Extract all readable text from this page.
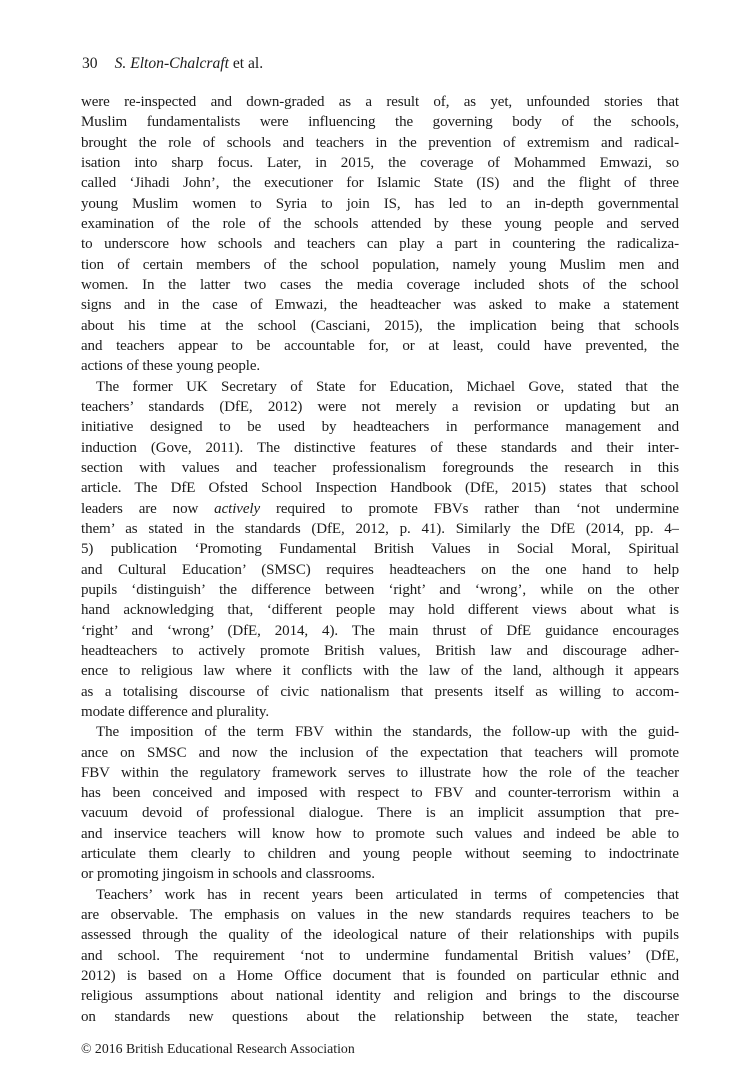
30 S. Elton-Chalcraft et al.
were re-inspected and down-graded as a result of, as yet, unfounded stories that
Muslim fundamentalists were influencing the governing body of the schools,
brought the role of schools and teachers in the prevention of extremism and radical-
isation into sharp focus. Later, in 2015, the coverage of Mohammed Emwazi, so
called ‘Jihadi John’, the executioner for Islamic State (IS) and the flight of three
young Muslim women to Syria to join IS, has led to an in-depth governmental
examination of the role of the schools attended by these young people and served
to underscore how schools and teachers can play a part in countering the radicaliza-
tion of certain members of the school population, namely young Muslim men and
women. In the latter two cases the media coverage included shots of the school
signs and in the case of Emwazi, the headteacher was asked to make a statement
about his time at the school (Casciani, 2015), the implication being that schools
and teachers appear to be accountable for, or at least, could have prevented, the
actions of these young people.
The former UK Secretary of State for Education, Michael Gove, stated that the
teachers’ standards (DfE, 2012) were not merely a revision or updating but an
initiative designed to be used by headteachers in performance management and
induction (Gove, 2011). The distinctive features of these standards and their inter-
section with values and teacher professionalism foregrounds the research in this
article. The DfE Ofsted School Inspection Handbook (DfE, 2015) states that school
leaders are now actively required to promote FBVs rather than ‘not undermine
them’ as stated in the standards (DfE, 2012, p. 41). Similarly the DfE (2014, pp. 4–
5) publication ‘Promoting Fundamental British Values in Social Moral, Spiritual
and Cultural Education’ (SMSC) requires headteachers on the one hand to help
pupils ‘distinguish’ the difference between ‘right’ and ‘wrong’, while on the other
hand acknowledging that, ‘different people may hold different views about what is
‘right’ and ‘wrong’ (DfE, 2014, 4). The main thrust of DfE guidance encourages
headteachers to actively promote British values, British law and discourage adher-
ence to religious law where it conflicts with the law of the land, although it appears
as a totalising discourse of civic nationalism that presents itself as willing to accom-
modate difference and plurality.
The imposition of the term FBV within the standards, the follow-up with the guid-
ance on SMSC and now the inclusion of the expectation that teachers will promote
FBV within the regulatory framework serves to illustrate how the role of the teacher
has been conceived and imposed with respect to FBV and counter-terrorism within a
vacuum devoid of professional dialogue. There is an implicit assumption that pre-
and inservice teachers will know how to promote such values and indeed be able to
articulate them clearly to children and young people without seeming to indoctrinate
or promoting jingoism in schools and classrooms.
Teachers’ work has in recent years been articulated in terms of competencies that
are observable. The emphasis on values in the new standards requires teachers to be
assessed through the quality of the ideological nature of their relationships with pupils
and school. The requirement ‘not to undermine fundamental British values’ (DfE,
2012) is based on a Home Office document that is founded on particular ethnic and
religious assumptions about national identity and religion and brings to the discourse
on standards new questions about the relationship between the state, teacher
© 2016 British Educational Research Association
